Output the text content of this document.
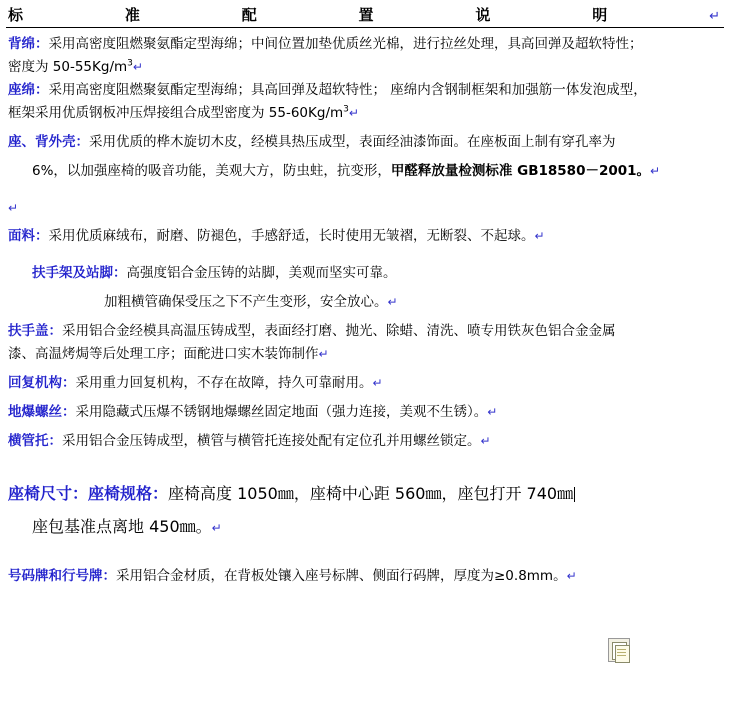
标	准	配	置	说	明	↵

背绵：采用高密度阻燃聚氨酯定型海绵；中间位置加垫优质丝光棉，进行拉丝处理，具高回弹及超软特性；

密度为 $50-55Kg/m^3↵$

座绵：采用高密度阻燃聚氨酯定型海绵；具高回弹及超软特性； 座绵内含钢制框架和加强筋一体发泡成型，

框架采用优质钢板冲压焊接组合成型密度为 $55-60Kg/m^3↵$

座、背外壳：采用优质的桦木旋切木皮，经模具热压成型，表面经油漆饰面。在座板面上制有穿孔率为

6%，以加强座椅的吸音功能，美观大方，防虫蛀，抗变形，甲醛释放量检测标准 GB18580－2001。↵

↵

面料：采用优质麻绒布，耐磨、防褪色，手感舒适，长时使用无皱褶，无断裂、不起球。↵

扶手架及站脚：高强度铝合金压铸的站脚，美观而坚实可靠。

加粗横管确保受压之下不产生变形，安全放心。↵

扶手盖：采用铝合金经模具高温压铸成型，表面经打磨、抛光、除蜡、清洗、喷专用铁灰色铝合金金属

漆、高温烤焗等后处理工序；面酡进口实木装饰制作↵

回复机构：采用重力回复机构，不存在故障，持久可靠耐用。↵

地爆螺丝：采用隐藏式压爆不锈钢地爆螺丝固定地面（强力连接，美观不生锈）。↵

横管托：采用铝合金压铸成型，横管与横管托连接处配有定位孔并用螺丝锁定。↵

座椅尺寸：座椅规格：座椅高度 1050㎜，座椅中心距 560㎜，座包打开 740㎜

座包基准点离地 450㎜。↵

号码牌和行号牌：采用铝合金材质，在背板处镶入座号标牌、侧面行码牌，厚度为≥0.8mm。↵
